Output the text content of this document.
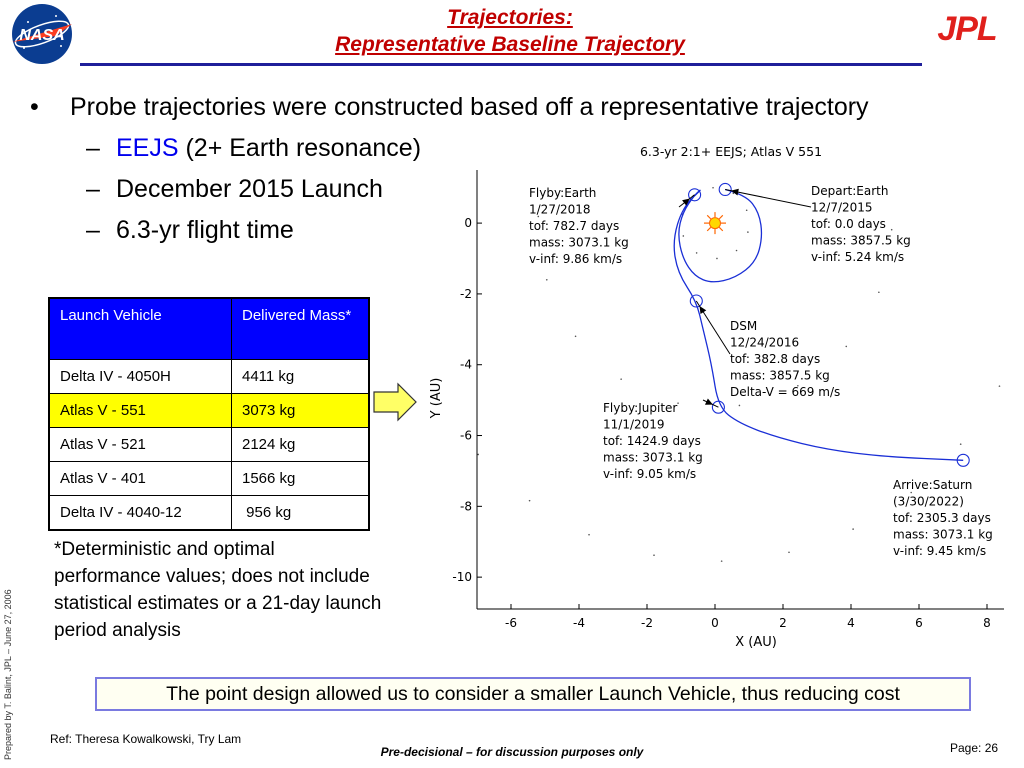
NASA
Trajectories:
Representative Baseline Trajectory	JPL
• Probe trajectories were constructed based off a representative trajectory
– EEJS (2+ Earth resonance)
– December 2015 Launch
– 6.3-yr flight time
Launch Vehicle	Delivered Mass*
Delta IV - 4050H	4411 kg
Atlas V - 551	3073 kg
Atlas V - 521	2124 kg
Atlas V - 401	1566 kg
Delta IV - 4040-12	956 kg
*Deterministic and optimal performance values; does not include statistical estimates or a 21-day launch period analysis
6.3-yr 2:1+ EEJS; Atlas V 551
-6	-4	-2	0	2	4	6	8
0
-2
-4
-6
-8
-10
Flyby:Earth
1/27/2018
tof: 782.7 days
mass: 3073.1 kg
v-inf: 9.86 km/s
Depart:Earth
12/7/2015
tof: 0.0 days
mass: 3857.5 kg
v-inf: 5.24 km/s
DSM
12/24/2016
tof: 382.8 days
mass: 3857.5 kg
Delta-V = 669 m/s
Flyby:Jupiter
11/1/2019
tof: 1424.9 days
mass: 3073.1 kg
v-inf: 9.05 km/s
Arrive:Saturn
(3/30/2022)
tof: 2305.3 days
mass: 3073.1 kg
v-inf: 9.45 km/s
X (AU)
Y (AU)
The point design allowed us to consider a smaller Launch Vehicle, thus reducing cost
Prepared by T. Balint, JPL – June 27, 2006	Ref: Theresa Kowalkowski, Try Lam
Pre-decisional – for discussion purposes only	Page: 26
